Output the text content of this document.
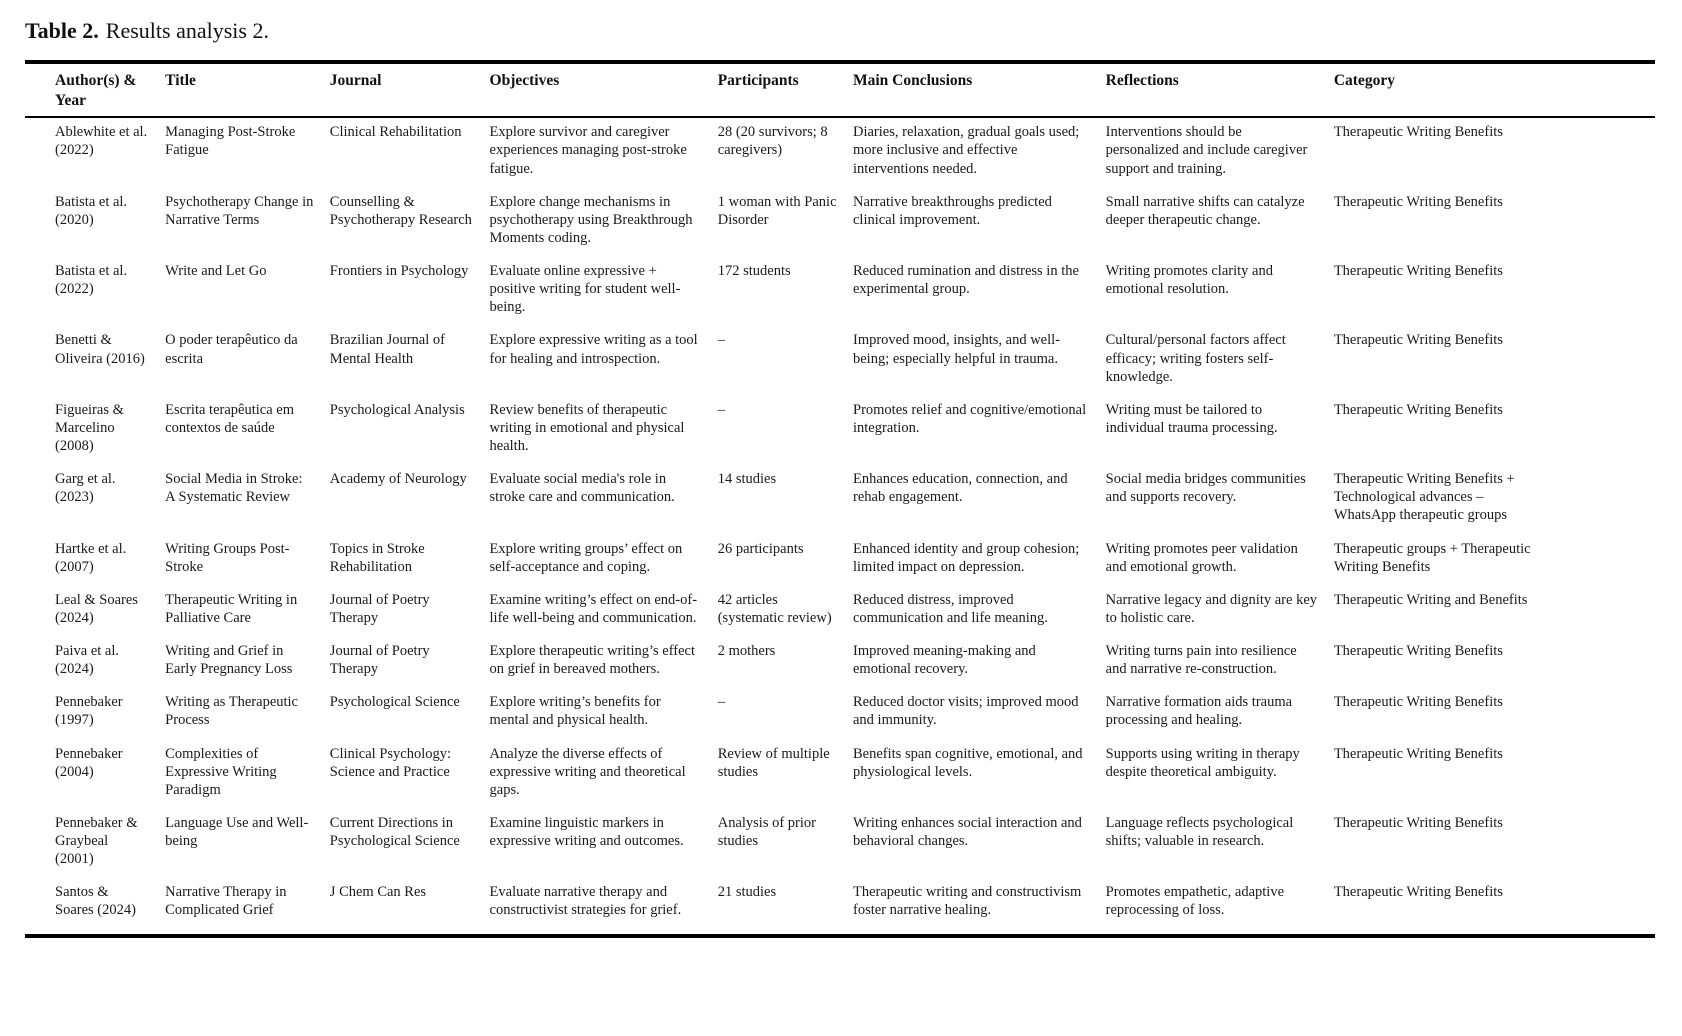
Table 2. Results analysis 2.

Author(s) & Year	Title	Journal	Objectives	Participants	Main Conclusions	Reflections	Category
Ablewhite et al. (2022)	Managing Post-Stroke Fatigue	Clinical Rehabilitation	Explore survivor and caregiver experiences managing post-stroke fatigue.	28 (20 survivors; 8 caregivers)	Diaries, relaxation, gradual goals used; more inclusive and effective interventions needed.	Interventions should be personalized and include caregiver support and training.	Therapeutic Writing Benefits
Batista et al. (2020)	Psychotherapy Change in Narrative Terms	Counselling & Psychotherapy Research	Explore change mechanisms in psychotherapy using Breakthrough Moments coding.	1 woman with Panic Disorder	Narrative breakthroughs predicted clinical improvement.	Small narrative shifts can catalyze deeper therapeutic change.	Therapeutic Writing Benefits
Batista et al. (2022)	Write and Let Go	Frontiers in Psychology	Evaluate online expressive + positive writing for student well-being.	172 students	Reduced rumination and distress in the experimental group.	Writing promotes clarity and emotional resolution.	Therapeutic Writing Benefits
Benetti & Oliveira (2016)	O poder terapêutico da escrita	Brazilian Journal of Mental Health	Explore expressive writing as a tool for healing and introspection.	–	Improved mood, insights, and well-being; especially helpful in trauma.	Cultural/personal factors affect efficacy; writing fosters self-knowledge.	Therapeutic Writing Benefits
Figueiras & Marcelino (2008)	Escrita terapêutica em contextos de saúde	Psychological Analysis	Review benefits of therapeutic writing in emotional and physical health.	–	Promotes relief and cognitive/emotional integration.	Writing must be tailored to individual trauma processing.	Therapeutic Writing Benefits
Garg et al. (2023)	Social Media in Stroke: A Systematic Review	Academy of Neurology	Evaluate social media's role in stroke care and communication.	14 studies	Enhances education, connection, and rehab engagement.	Social media bridges communities and supports recovery.	Therapeutic Writing Benefits + Technological advances – WhatsApp therapeutic groups
Hartke et al. (2007)	Writing Groups Post-Stroke	Topics in Stroke Rehabilitation	Explore writing groups’ effect on self-acceptance and coping.	26 participants	Enhanced identity and group cohesion; limited impact on depression.	Writing promotes peer validation and emotional growth.	Therapeutic groups + Therapeutic Writing Benefits
Leal & Soares (2024)	Therapeutic Writing in Palliative Care	Journal of Poetry Therapy	Examine writing’s effect on end-of-life well-being and communication.	42 articles (systematic review)	Reduced distress, improved communication and life meaning.	Narrative legacy and dignity are key to holistic care.	Therapeutic Writing and Benefits
Paiva et al. (2024)	Writing and Grief in Early Pregnancy Loss	Journal of Poetry Therapy	Explore therapeutic writing’s effect on grief in bereaved mothers.	2 mothers	Improved meaning-making and emotional recovery.	Writing turns pain into resilience and narrative re-construction.	Therapeutic Writing Benefits
Pennebaker (1997)	Writing as Therapeutic Process	Psychological Science	Explore writing’s benefits for mental and physical health.	–	Reduced doctor visits; improved mood and immunity.	Narrative formation aids trauma processing and healing.	Therapeutic Writing Benefits
Pennebaker (2004)	Complexities of Expressive Writing Paradigm	Clinical Psychology: Science and Practice	Analyze the diverse effects of expressive writing and theoretical gaps.	Review of multiple studies	Benefits span cognitive, emotional, and physiological levels.	Supports using writing in therapy despite theoretical ambiguity.	Therapeutic Writing Benefits
Pennebaker & Graybeal (2001)	Language Use and Well-being	Current Directions in Psychological Science	Examine linguistic markers in expressive writing and outcomes.	Analysis of prior studies	Writing enhances social interaction and behavioral changes.	Language reflects psychological shifts; valuable in research.	Therapeutic Writing Benefits
Santos & Soares (2024)	Narrative Therapy in Complicated Grief	J Chem Can Res	Evaluate narrative therapy and constructivist strategies for grief.	21 studies	Therapeutic writing and constructivism foster narrative healing.	Promotes empathetic, adaptive reprocessing of loss.	Therapeutic Writing Benefits
